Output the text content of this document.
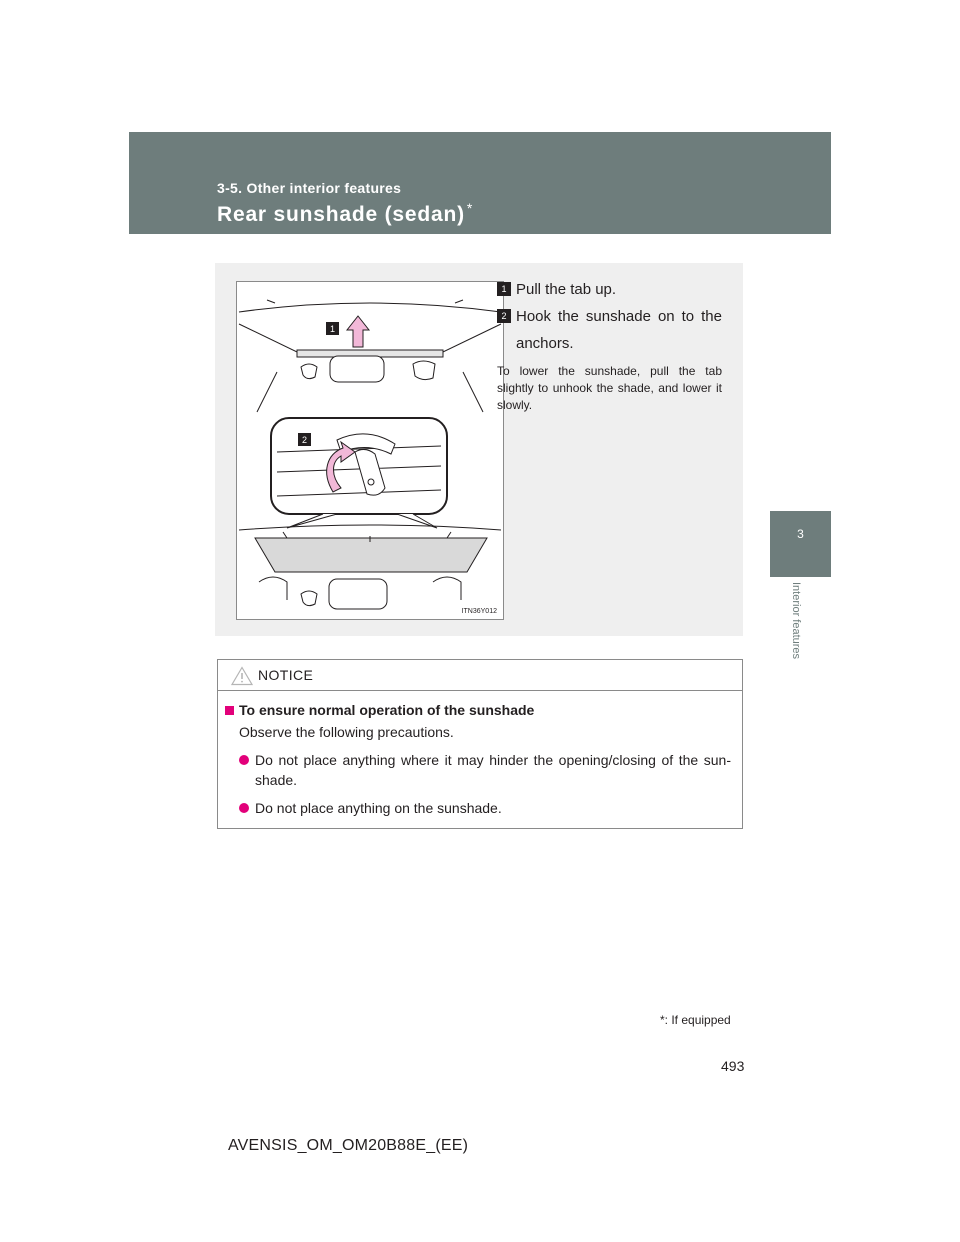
3-5. Other interior features
Rear sunshade (sedan) *
3
Interior features
1
2
ITN36Y012
1 Pull the tab up.
2 Hook the sunshade on to the anchors.
To lower the sunshade, pull the tab slightly to unhook the shade, and lower it slowly.
NOTICE
To ensure normal operation of the sunshade
Observe the following precautions.
Do not place anything where it may hinder the opening/closing of the sun-shade.
Do not place anything on the sunshade.
*: If equipped
493
AVENSIS_OM_OM20B88E_(EE)
